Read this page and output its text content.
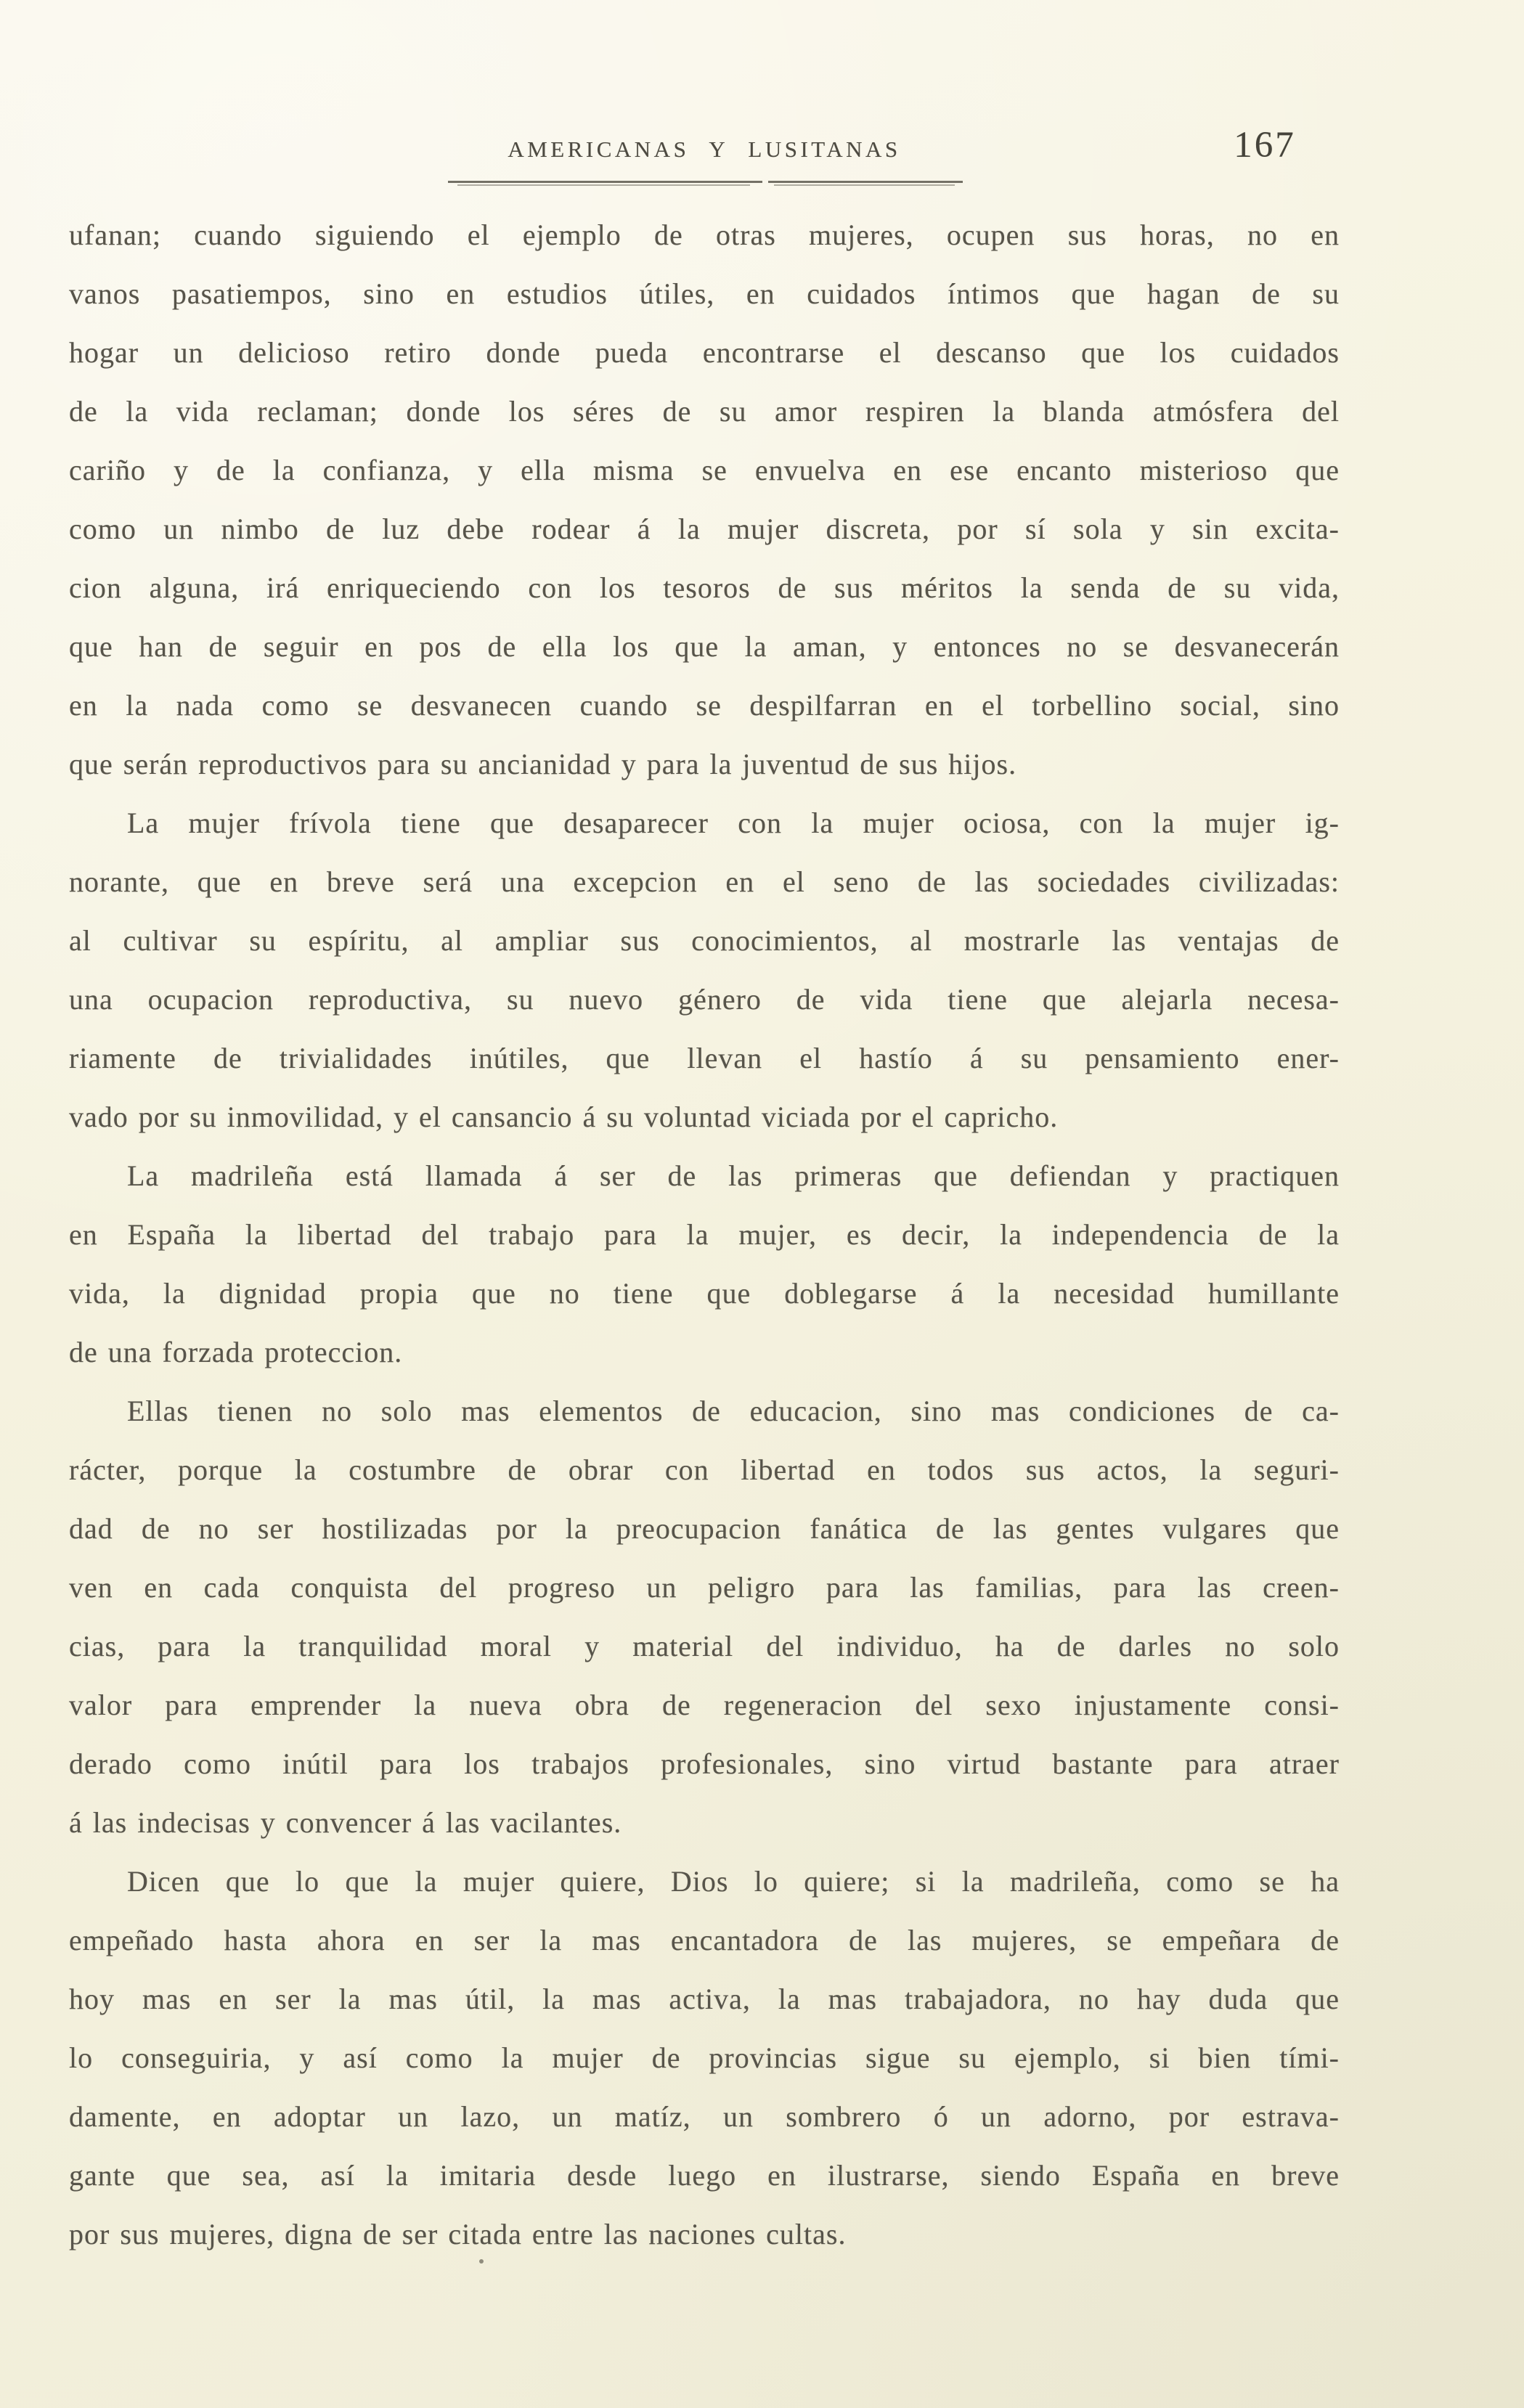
AMERICANAS Y LUSITANAS	167
ufanan; cuando siguiendo el ejemplo de otras mujeres, ocupen sus horas, no en
vanos pasatiempos, sino en estudios útiles, en cuidados íntimos que hagan de su
hogar un delicioso retiro donde pueda encontrarse el descanso que los cuidados
de la vida reclaman; donde los séres de su amor respiren la blanda atmósfera del
cariño y de la confianza, y ella misma se envuelva en ese encanto misterioso que
como un nimbo de luz debe rodear á la mujer discreta, por sí sola y sin excita-
cion alguna, irá enriqueciendo con los tesoros de sus méritos la senda de su vida,
que han de seguir en pos de ella los que la aman, y entonces no se desvanecerán
en la nada como se desvanecen cuando se despilfarran en el torbellino social, sino
que serán reproductivos para su ancianidad y para la juventud de sus hijos.
La mujer frívola tiene que desaparecer con la mujer ociosa, con la mujer ig-
norante, que en breve será una excepcion en el seno de las sociedades civilizadas:
al cultivar su espíritu, al ampliar sus conocimientos, al mostrarle las ventajas de
una ocupacion reproductiva, su nuevo género de vida tiene que alejarla necesa-
riamente de trivialidades inútiles, que llevan el hastío á su pensamiento ener-
vado por su inmovilidad, y el cansancio á su voluntad viciada por el capricho.
La madrileña está llamada á ser de las primeras que defiendan y practiquen
en España la libertad del trabajo para la mujer, es decir, la independencia de la
vida, la dignidad propia que no tiene que doblegarse á la necesidad humillante
de una forzada proteccion.
Ellas tienen no solo mas elementos de educacion, sino mas condiciones de ca-
rácter, porque la costumbre de obrar con libertad en todos sus actos, la seguri-
dad de no ser hostilizadas por la preocupacion fanática de las gentes vulgares que
ven en cada conquista del progreso un peligro para las familias, para las creen-
cias, para la tranquilidad moral y material del individuo, ha de darles no solo
valor para emprender la nueva obra de regeneracion del sexo injustamente consi-
derado como inútil para los trabajos profesionales, sino virtud bastante para atraer
á las indecisas y convencer á las vacilantes.
Dicen que lo que la mujer quiere, Dios lo quiere; si la madrileña, como se ha
empeñado hasta ahora en ser la mas encantadora de las mujeres, se empeñara de
hoy mas en ser la mas útil, la mas activa, la mas trabajadora, no hay duda que
lo conseguiria, y así como la mujer de provincias sigue su ejemplo, si bien tími-
damente, en adoptar un lazo, un matíz, un sombrero ó un adorno, por estrava-
gante que sea, así la imitaria desde luego en ilustrarse, siendo España en breve
por sus mujeres, digna de ser citada entre las naciones cultas.
